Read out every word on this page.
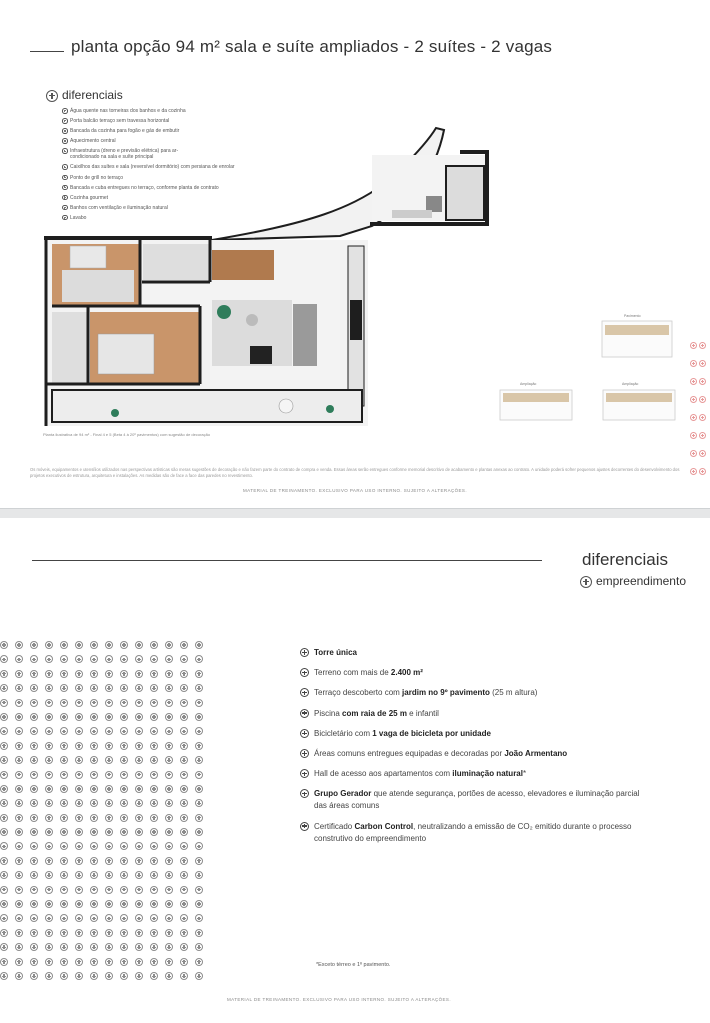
planta opção 94 m² sala e suíte ampliados - 2 suítes - 2 vagas
diferenciais
Água quente nas torneiras dos banhos e da cozinha
Porta balcão terraço sem travessa horizontal
Bancada da cozinha para fogão e gás de embutir
Aquecimento central
Infraestrutura (dreno e previsão elétrica) para ar-condicionado na sala e suíte principal
Caixilhos das suítes e sala (reversível dormitório) com persiana de enrolar
Ponto de grill no terraço
Bancada e cuba entregues no terraço, conforme planta de contrato
Cozinha gourmet
Banhos com ventilação e iluminação natural
Lavabo
Planta ilustrativa de 94 m² - Final 4 e 5 (Beta 4 à 20º pavimentos) com sugestão de decoração
Pavimento
Ampliação	Ampliação

Os móveis, equipamentos e utensílios utilizados nas perspectivas artísticas são meras sugestões de decoração e não fazem parte do contrato de compra e venda. Essas áreas serão entregues conforme memorial descritivo de acabamento e plantas anexas ao contrato. A unidade poderá sofrer pequenos ajustes decorrentes do desenvolvimento dos projetos executivos de estrutura, arquitetura e instalações. As medidas são de face a face das paredes no revestimento.
MATERIAL DE TREINAMENTO. EXCLUSIVO PARA USO INTERNO. SUJEITO A ALTERAÇÕES.
diferenciais
empreendimento
Torre única
Terreno com mais de 2.400 m²
Terraço descoberto com jardim no 9º pavimento (25 m altura)
Piscina com raia de 25 m e infantil
Bicicletário com 1 vaga de bicicleta por unidade
Áreas comuns entregues equipadas e decoradas por João Armentano
Hall de acesso aos apartamentos com iluminação natural*
Grupo Gerador que atende segurança, portões de acesso, elevadores e iluminação parcial das áreas comuns
Certificado Carbon Control, neutralizando a emissão de CO₂ emitido durante o processo construtivo do empreendimento
*Exceto térreo e 1º pavimento.
MATERIAL DE TREINAMENTO. EXCLUSIVO PARA USO INTERNO. SUJEITO A ALTERAÇÕES.
